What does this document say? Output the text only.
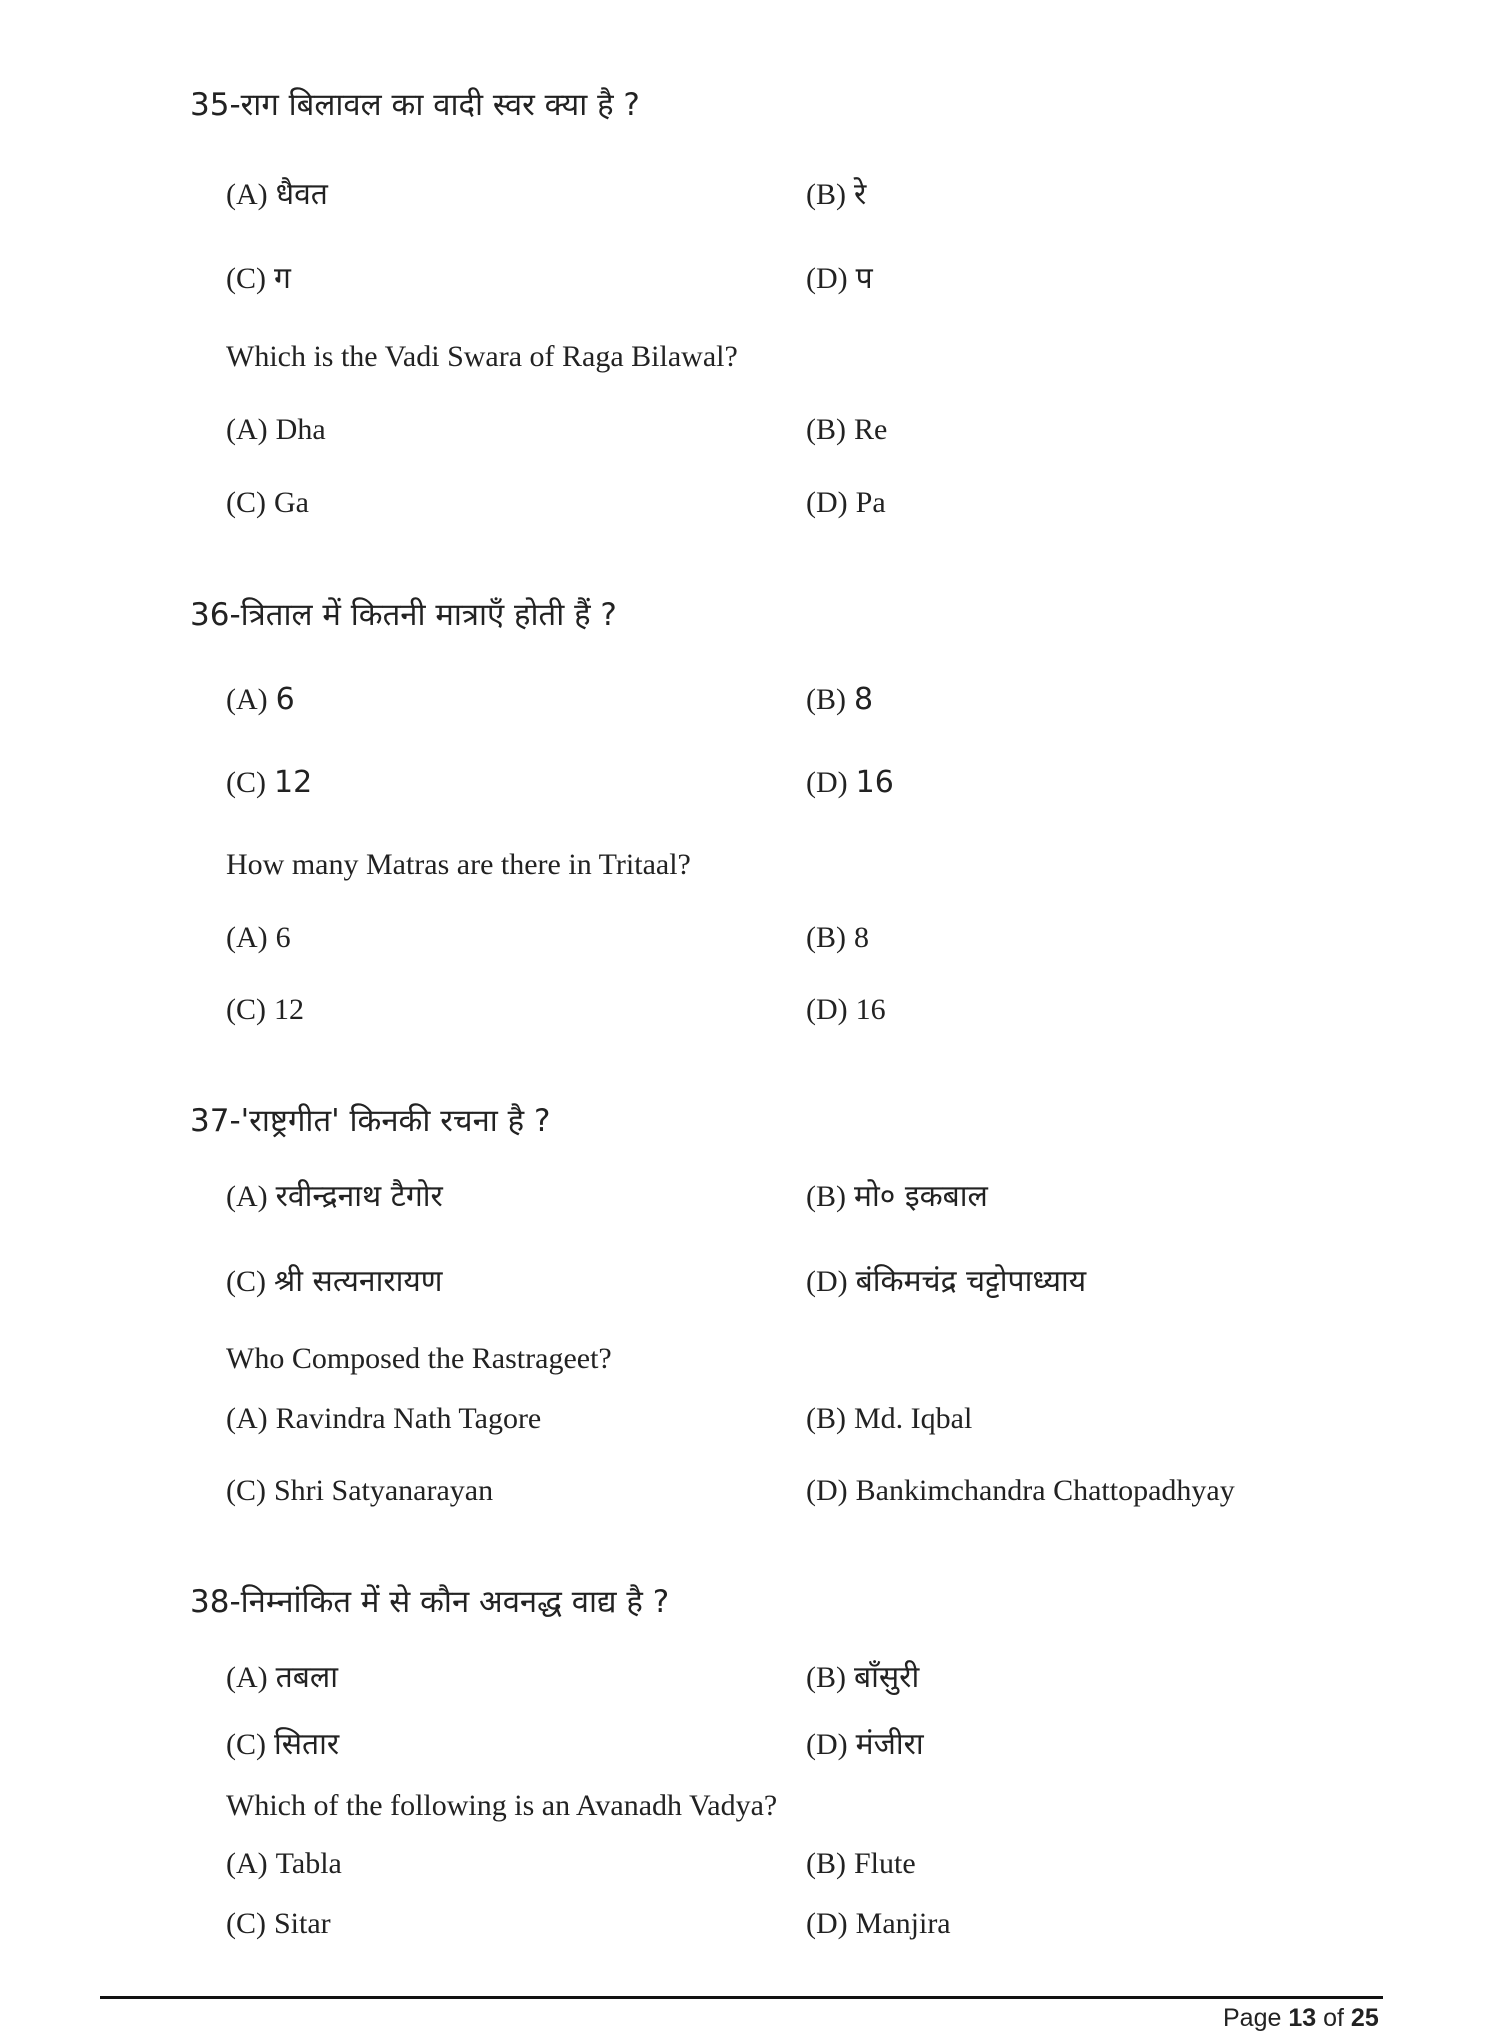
35-राग बिलावल का वादी स्वर क्या है ?
(A) धैवत	(B) रे
(C) ग	(D) प
Which is the Vadi Swara of Raga Bilawal?
(A) Dha	(B) Re
(C) Ga	(D) Pa
36-त्रिताल में कितनी मात्राएँ होती हैं ?
(A) 6	(B) 8
(C) 12	(D) 16
How many Matras are there in Tritaal?
(A) 6	(B) 8
(C) 12	(D) 16
37-'राष्ट्रगीत' किनकी रचना है ?
(A) रवीन्द्रनाथ टैगोर	(B) मो० इकबाल
(C) श्री सत्यनारायण	(D) बंकिमचंद्र चट्टोपाध्याय
Who Composed the Rastrageet?
(A) Ravindra Nath Tagore	(B) Md. Iqbal
(C) Shri Satyanarayan	(D) Bankimchandra Chattopadhyay
38-निम्नांकित में से कौन अवनद्ध वाद्य है ?
(A) तबला	(B) बाँसुरी
(C) सितार	(D) मंजीरा
Which of the following is an Avanadh Vadya?
(A) Tabla	(B) Flute
(C) Sitar	(D) Manjira
Page 13 of 25
